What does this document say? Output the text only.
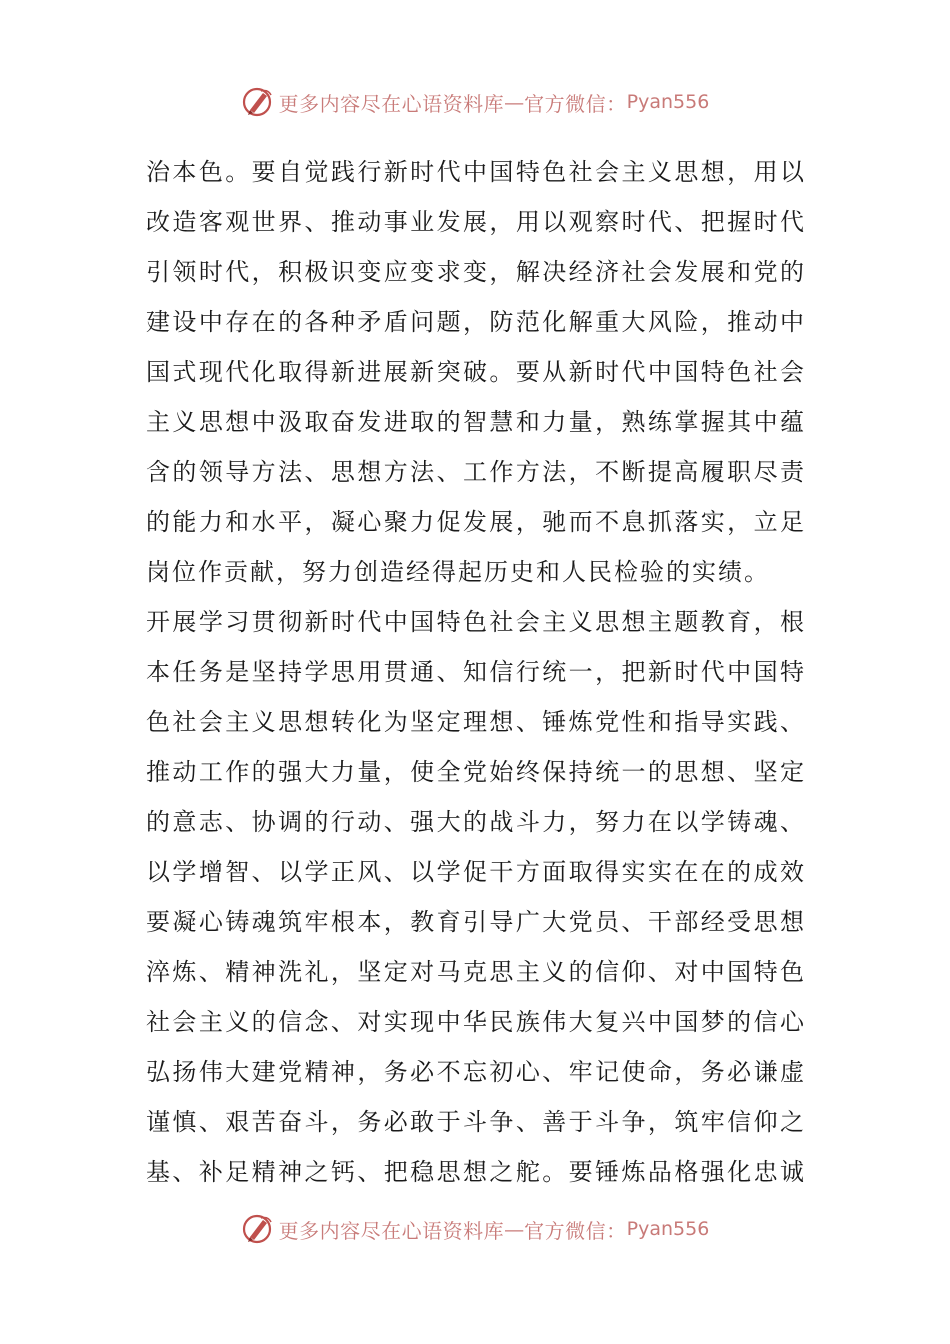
更多内容尽在心语资料库 — 官方微信： Pyan556
治本色。要自觉践行新时代中国特色社会主义思想，用以
改造客观世界、推动事业发展，用以观察时代、把握时代
引领时代，积极识变应变求变，解决经济社会发展和党的
建设中存在的各种矛盾问题，防范化解重大风险，推动中
国式现代化取得新进展新突破。要从新时代中国特色社会
主义思想中汲取奋发进取的智慧和力量，熟练掌握其中蕴
含的领导方法、思想方法、工作方法，不断提高履职尽责
的能力和水平，凝心聚力促发展，驰而不息抓落实，立足
岗位作贡献，努力创造经得起历史和人民检验的实绩。
开展学习贯彻新时代中国特色社会主义思想主题教育，根
本任务是坚持学思用贯通、知信行统一，把新时代中国特
色社会主义思想转化为坚定理想、锤炼党性和指导实践、
推动工作的强大力量，使全党始终保持统一的思想、坚定
的意志、协调的行动、强大的战斗力，努力在以学铸魂、
以学增智、以学正风、以学促干方面取得实实在在的成效
要凝心铸魂筑牢根本，教育引导广大党员、干部经受思想
淬炼、精神洗礼，坚定对马克思主义的信仰、对中国特色
社会主义的信念、对实现中华民族伟大复兴中国梦的信心
弘扬伟大建党精神，务必不忘初心、牢记使命，务必谦虚
谨慎、艰苦奋斗，务必敢于斗争、善于斗争，筑牢信仰之
基、补足精神之钙、把稳思想之舵。要锤炼品格强化忠诚
更多内容尽在心语资料库 — 官方微信： Pyan556
